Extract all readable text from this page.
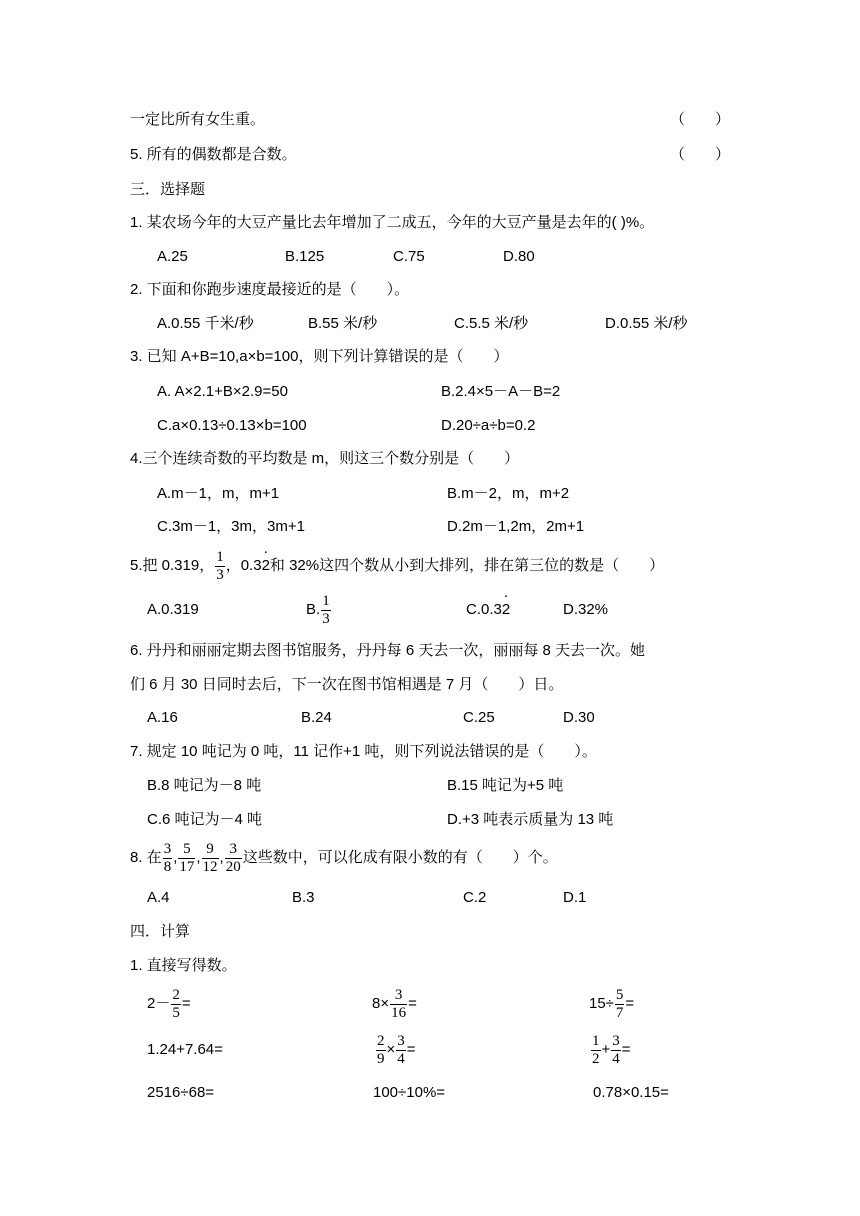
一定比所有女生重。	（　　）
5. 所有的偶数都是合数。	（　　）
三．选择题
1. 某农场今年的大豆产量比去年增加了二成五，今年的大豆产量是去年的( )%。
A.25	B.125	C.75	D.80
2. 下面和你跑步速度最接近的是（　　）。
A.0.55 千米/秒	B.55 米/秒	C.5.5 米/秒	D.0.55 米/秒
3. 已知 A+B=10,a×b=100，则下列计算错误的是（　　）
A. A×2.1+B×2.9=50	B.2.4×5－A－B=2
C.a×0.13÷0.13×b=100	D.20÷a÷b=0.2
4.三个连续奇数的平均数是 m，则这三个数分别是（　　）
A.m－1，m，m+1	B.m－2，m，m+2
C.3m－1，3m，3m+1	D.2m－1,2m，2m+1
5.把 0.319， $\frac{1}{3}$ ，0.3· 2和 32%这四个数从小到大排列，排在第三位的数是（　　）
A.0.319	B. $\frac{1}{3}$	C.0.3· 2	D.32%
6. 丹丹和丽丽定期去图书馆服务，丹丹每 6 天去一次，丽丽每 8 天去一次。她
们 6 月 30 日同时去后，下一次在图书馆相遇是 7 月（　　）日。
A.16	B.24	C.25	D.30
7. 规定 10 吨记为 0 吨，11 记作+1 吨，则下列说法错误的是（　　）。
B.8 吨记为－8 吨	B.15 吨记为+5 吨
C.6 吨记为－4 吨	D.+3 吨表示质量为 13 吨
8. 在 $\frac{3}{8}$ , $\frac{5}{17}$ , $\frac{9}{12}$ , $\frac{3}{20}$ 这些数中，可以化成有限小数的有（　　）个。
A.4	B.3	C.2	D.1
四．计算
1. 直接写得数。
$2- \frac{2}{5}$ =	$8\times \frac{3}{16}$ =	$15\div \frac{5}{7}$ =
1.24+7.64=	$\frac{2}{9} \times \frac{3}{4}$ =	$\frac{1}{2} + \frac{3}{4}$ =
2516÷68=	100÷10%=	0.78×0.15=
